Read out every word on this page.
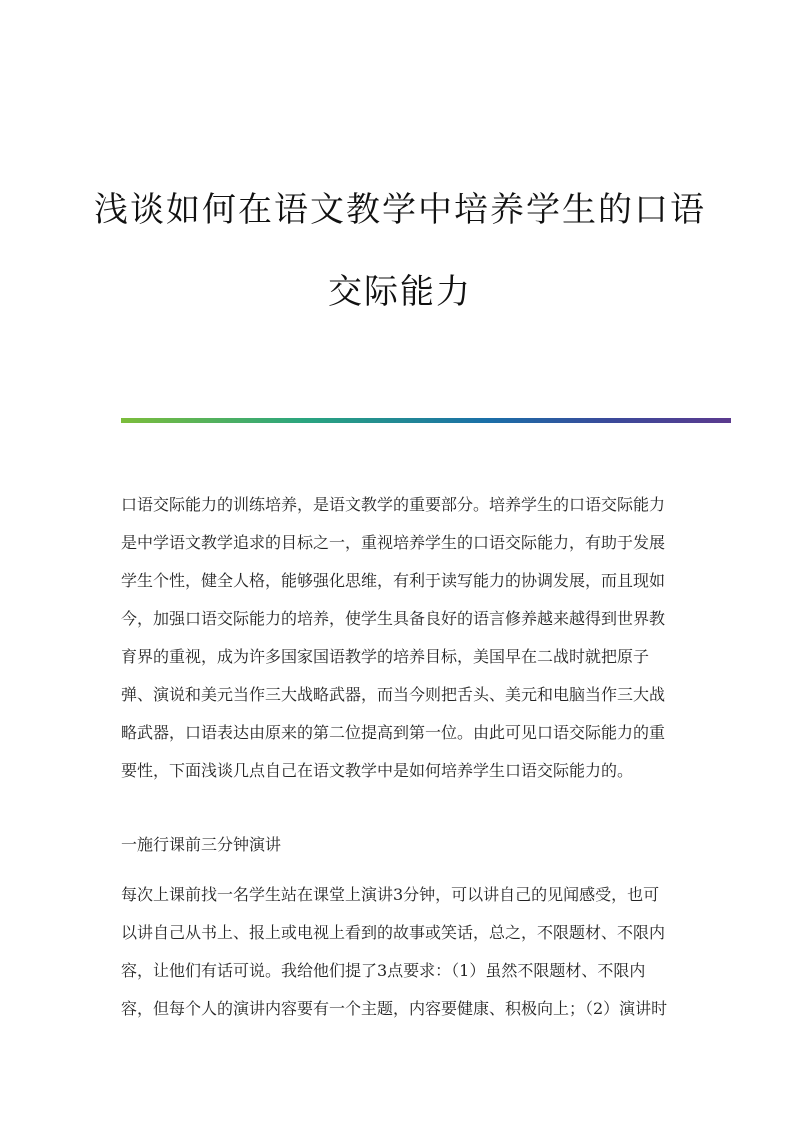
浅谈如何在语文教学中培养学生的口语
交际能力
口语交际能力的训练培养，是语文教学的重要部分。培养学生的口语交际能力
是中学语文教学追求的目标之一，重视培养学生的口语交际能力，有助于发展
学生个性，健全人格，能够强化思维，有利于读写能力的协调发展，而且现如
今，加强口语交际能力的培养，使学生具备良好的语言修养越来越得到世界教
育界的重视，成为许多国家国语教学的培养目标，美国早在二战时就把原子
弹、演说和美元当作三大战略武器，而当今则把舌头、美元和电脑当作三大战
略武器，口语表达由原来的第二位提高到第一位。由此可见口语交际能力的重
要性，下面浅谈几点自己在语文教学中是如何培养学生口语交际能力的。
一施行课前三分钟演讲
每次上课前找一名学生站在课堂上演讲3分钟，可以讲自己的见闻感受，也可
以讲自己从书上、报上或电视上看到的故事或笑话，总之，不限题材、不限内
容，让他们有话可说。我给他们提了3点要求：（1）虽然不限题材、不限内
容，但每个人的演讲内容要有一个主题，内容要健康、积极向上；（2）演讲时
